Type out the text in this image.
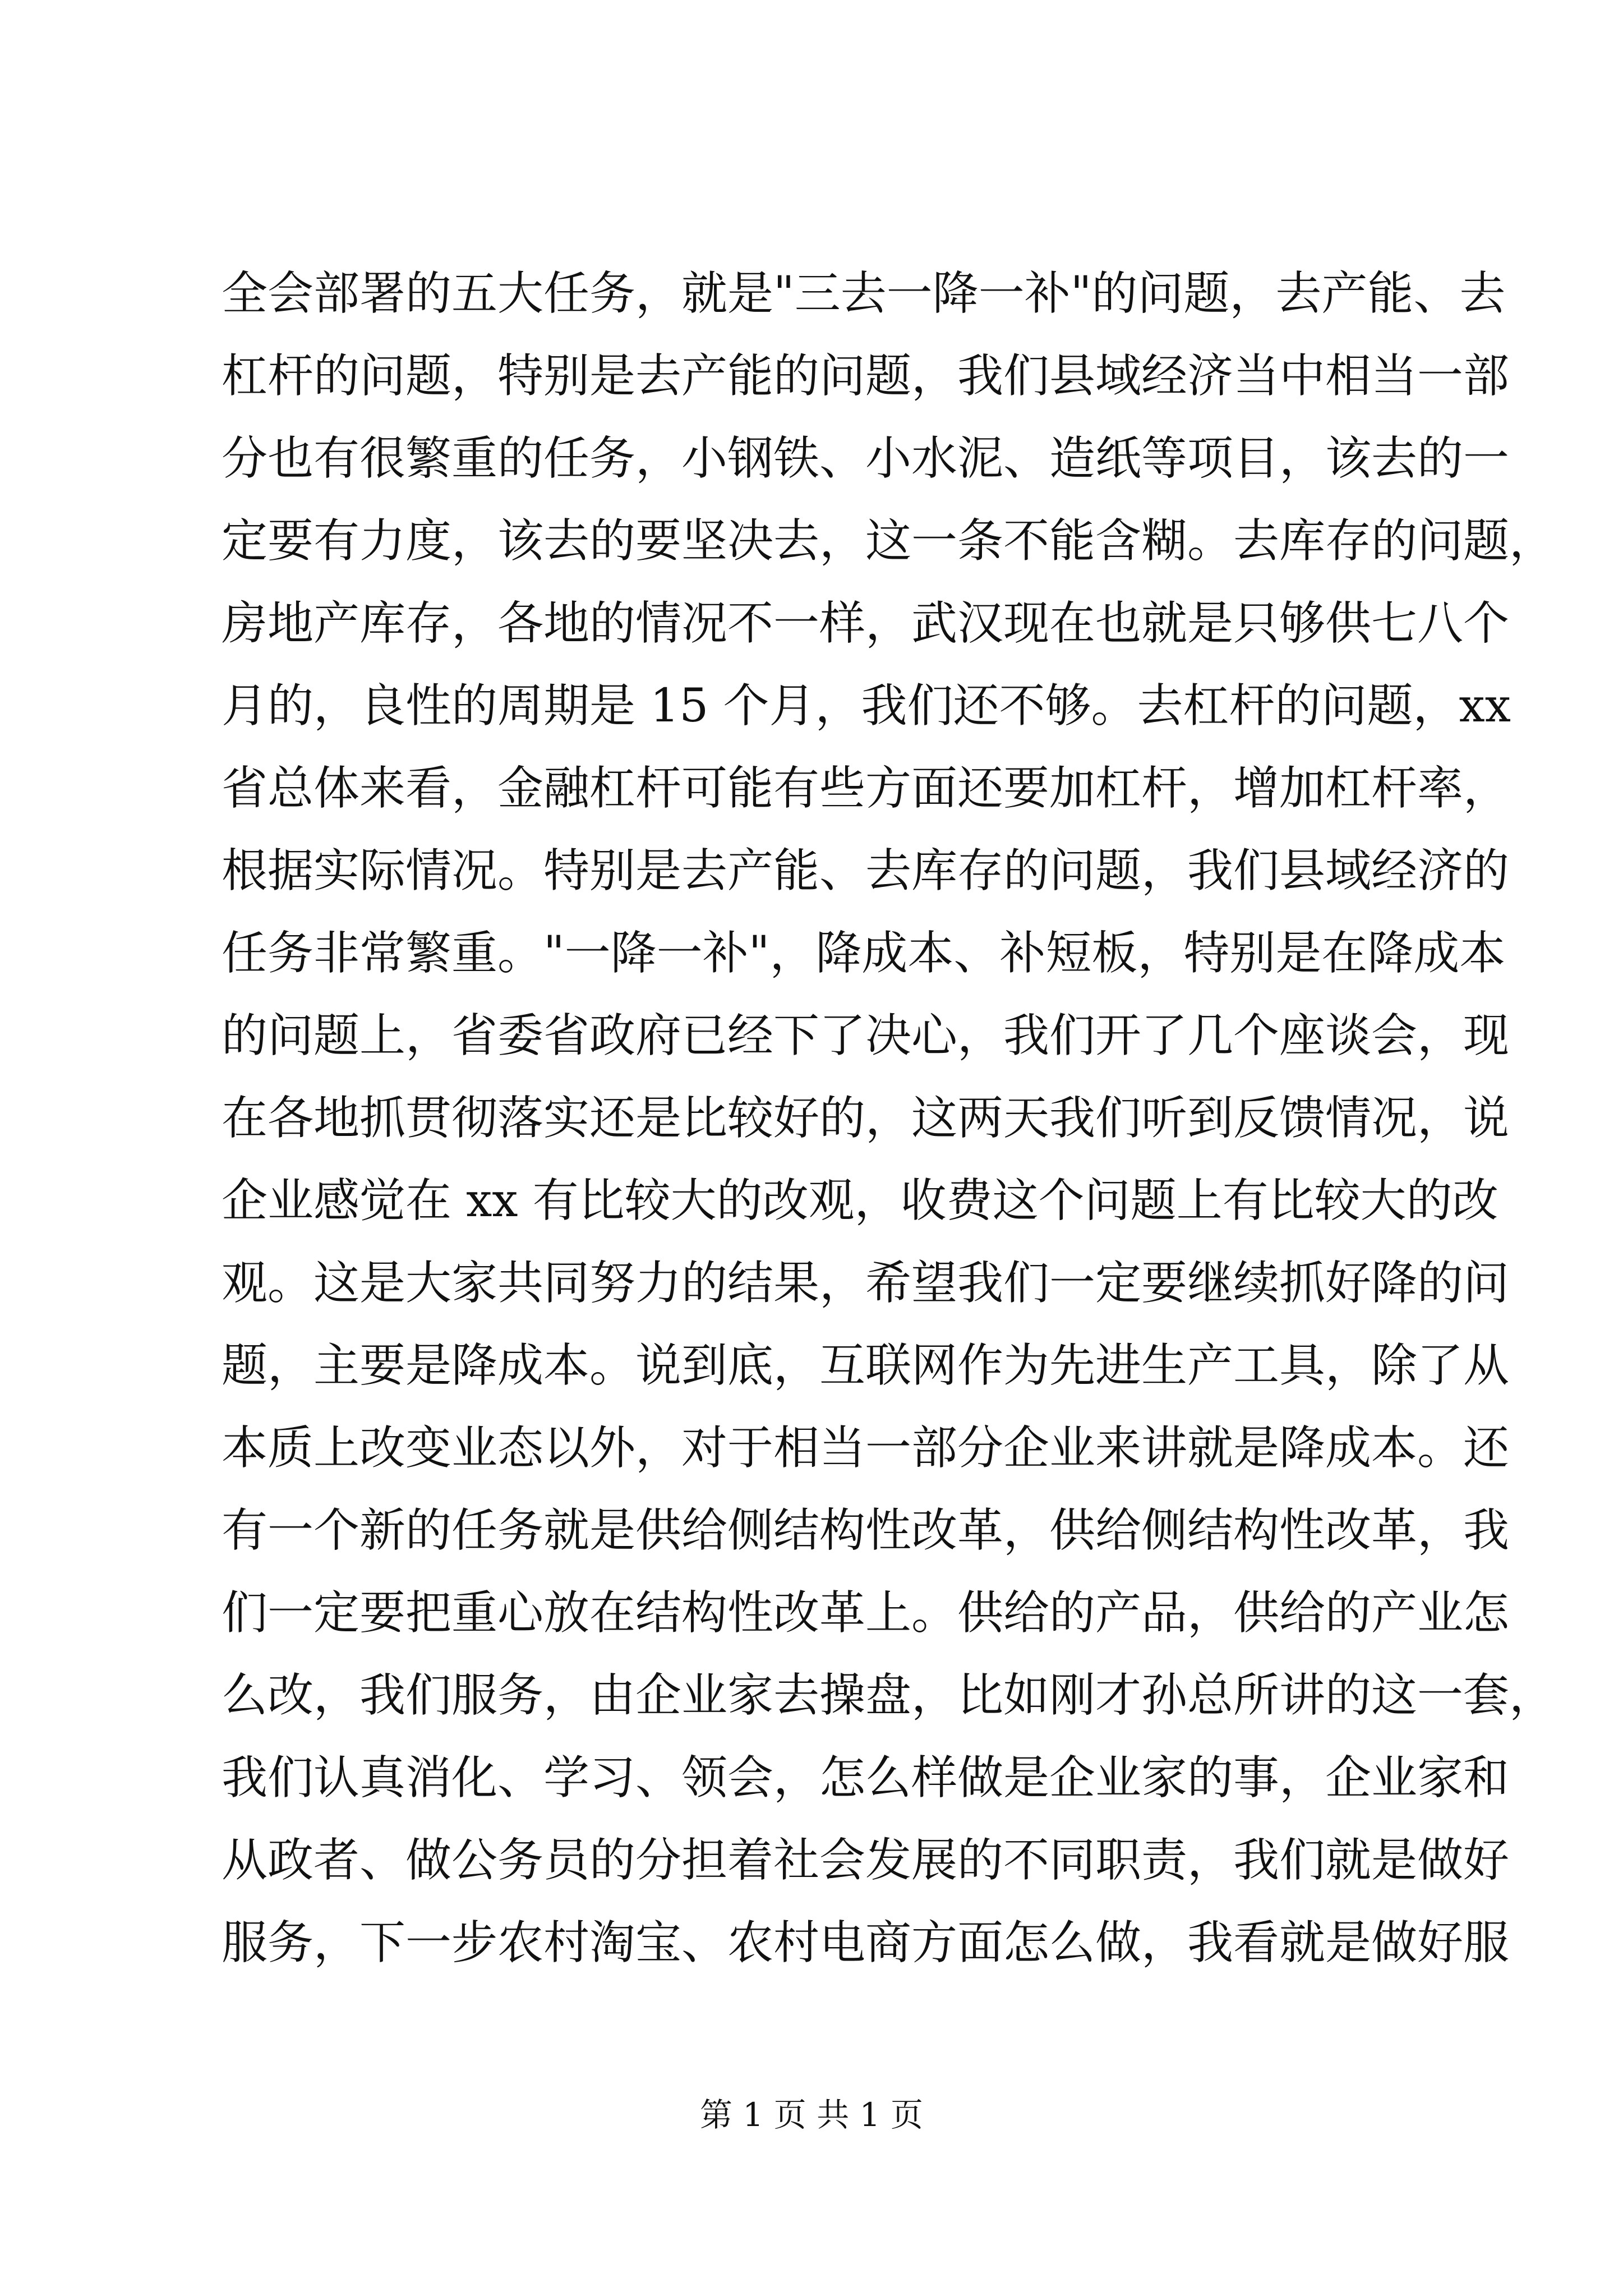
全会部署的五大任务，就是"三去一降一补"的问题，去产能、去
杠杆的问题，特别是去产能的问题，我们县域经济当中相当一部
分也有很繁重的任务，小钢铁、小水泥、造纸等项目，该去的一
定要有力度，该去的要坚决去，这一条不能含糊。去库存的问题，
房地产库存，各地的情况不一样，武汉现在也就是只够供七八个
月的，良性的周期是 15 个月，我们还不够。去杠杆的问题，xx
省总体来看，金融杠杆可能有些方面还要加杠杆，增加杠杆率，
根据实际情况。特别是去产能、去库存的问题，我们县域经济的
任务非常繁重。"一降一补"，降成本、补短板，特别是在降成本
的问题上，省委省政府已经下了决心，我们开了几个座谈会，现
在各地抓贯彻落实还是比较好的，这两天我们听到反馈情况，说
企业感觉在 xx 有比较大的改观，收费这个问题上有比较大的改
观。这是大家共同努力的结果，希望我们一定要继续抓好降的问
题，主要是降成本。说到底，互联网作为先进生产工具，除了从
本质上改变业态以外，对于相当一部分企业来讲就是降成本。还
有一个新的任务就是供给侧结构性改革，供给侧结构性改革，我
们一定要把重心放在结构性改革上。供给的产品，供给的产业怎
么改，我们服务，由企业家去操盘，比如刚才孙总所讲的这一套，
我们认真消化、学习、领会，怎么样做是企业家的事，企业家和
从政者、做公务员的分担着社会发展的不同职责，我们就是做好
服务，下一步农村淘宝、农村电商方面怎么做，我看就是做好服
第 1 页 共 1 页
